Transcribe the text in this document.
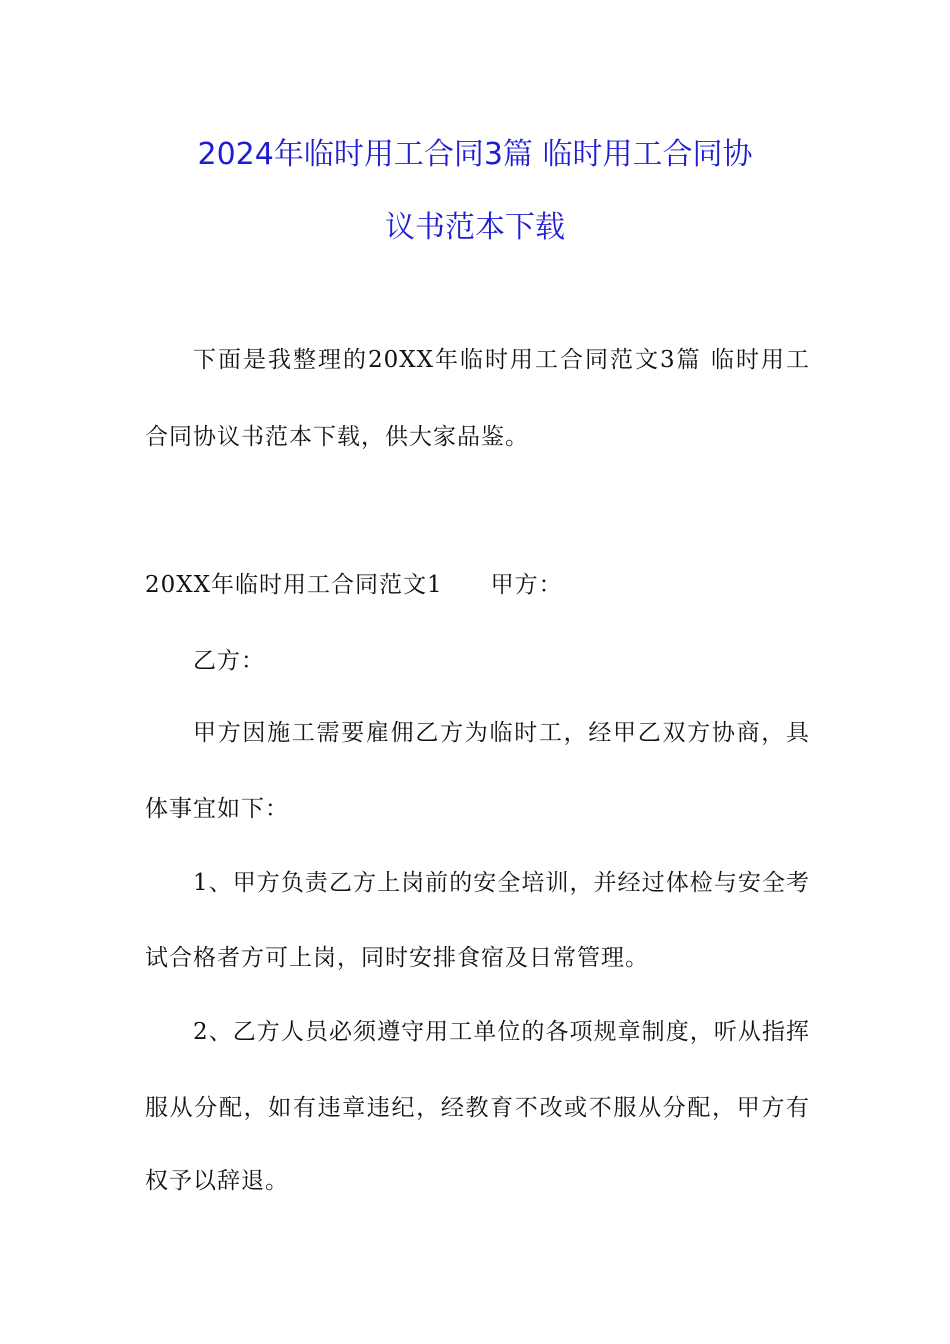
2024年临时用工合同3篇 临时用工合同协
议书范本下载
下面是我整理的20XX年临时用工合同范文3篇 临时用工
合同协议书范本下载，供大家品鉴。
20XX年临时用工合同范文1 甲方：
乙方：
甲方因施工需要雇佣乙方为临时工，经甲乙双方协商，具
体事宜如下：
1、甲方负责乙方上岗前的安全培训，并经过体检与安全考
试合格者方可上岗，同时安排食宿及日常管理。
2、乙方人员必须遵守用工单位的各项规章制度，听从指挥
服从分配，如有违章违纪，经教育不改或不服从分配，甲方有
权予以辞退。
